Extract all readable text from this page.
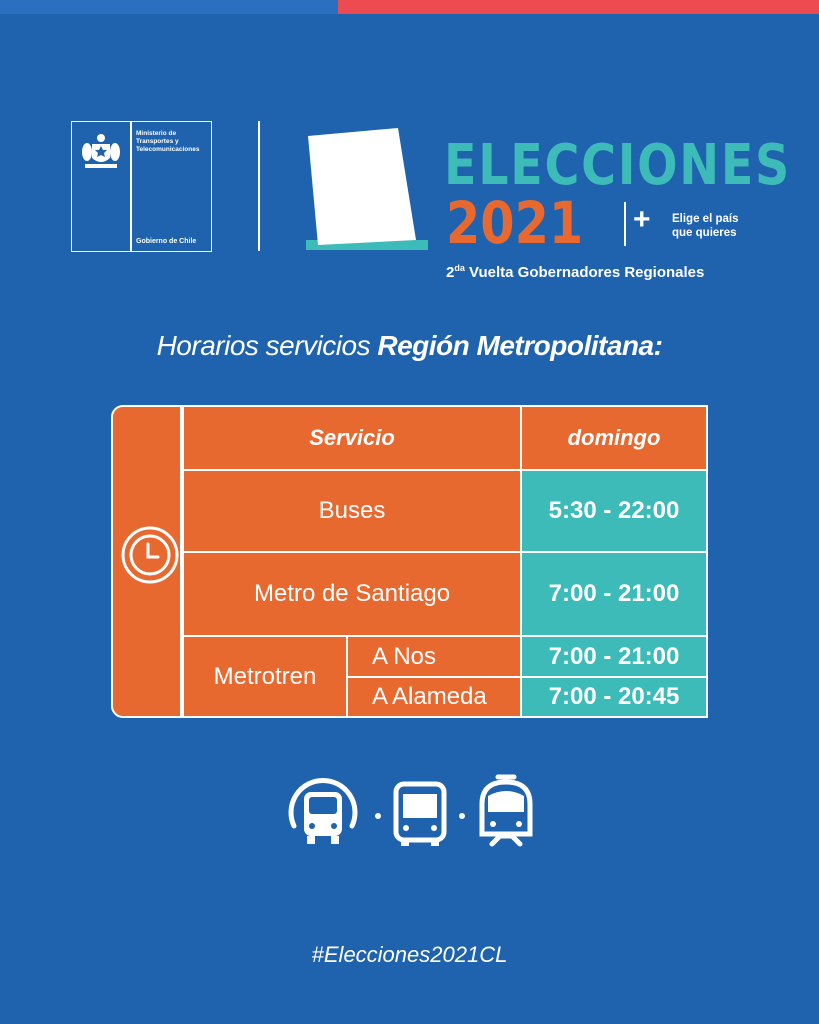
Ministerio de
Transportes y
Telecomunicaciones
Gobierno de Chile
ELECCIONES
2021 + Elige el país
que quieres
$2^{da}$ Vuelta Gobernadores Regionales
Horarios servicios Región Metropolitana:
Servicio	domingo
Buses	5:30 - 22:00
Metro de Santiago	7:00 - 21:00
Metrotren
A Nos	7:00 - 21:00
A Alameda	7:00 - 20:45
#Elecciones2021CL
